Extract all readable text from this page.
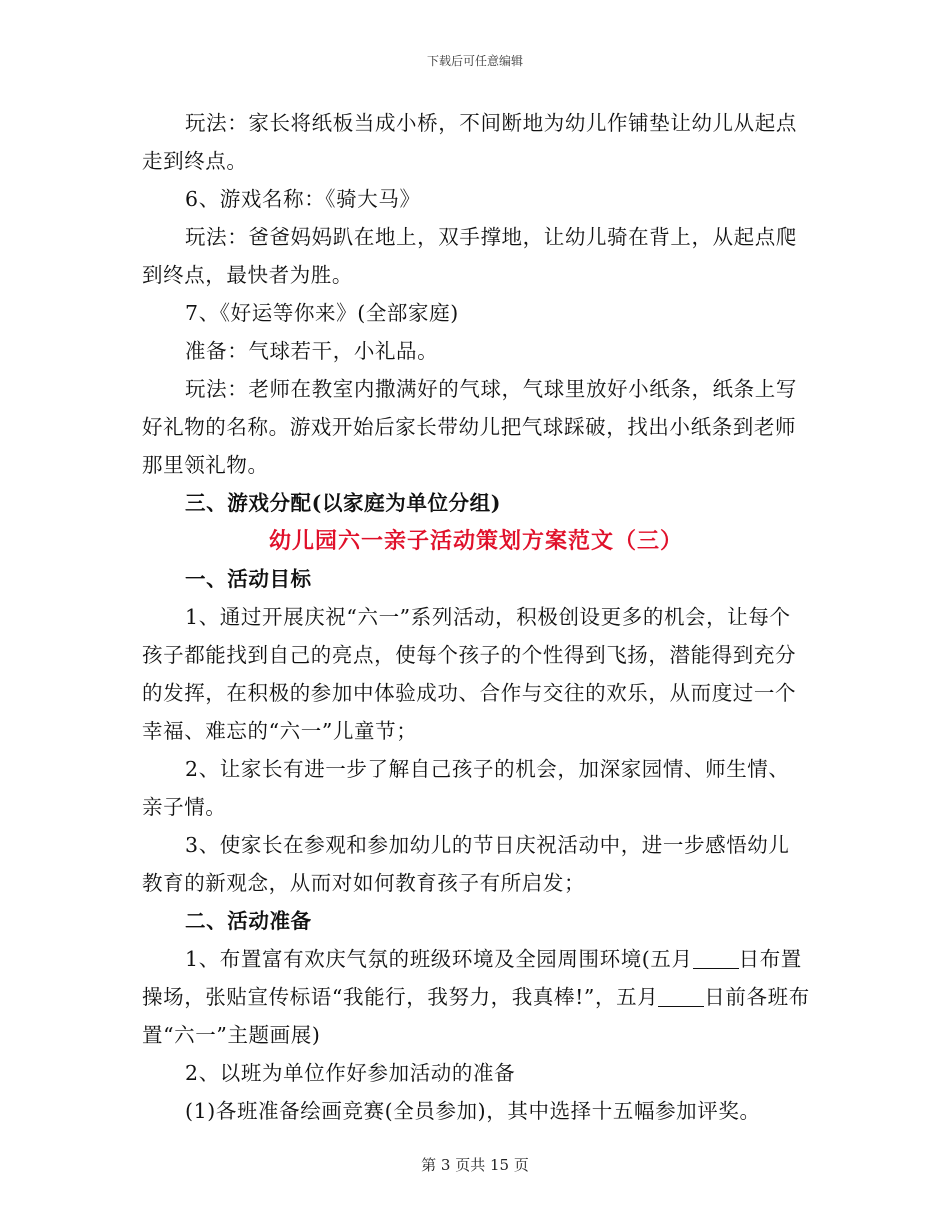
下载后可任意编辑

玩法：家长将纸板当成小桥，不间断地为幼儿作铺垫让幼儿从起点走到终点。

6、游戏名称：《骑大马》

玩法：爸爸妈妈趴在地上，双手撑地，让幼儿骑在背上，从起点爬到终点，最快者为胜。

7、《好运等你来》(全部家庭)

准备：气球若干，小礼品。

玩法：老师在教室内撒满好的气球，气球里放好小纸条，纸条上写好礼物的名称。游戏开始后家长带幼儿把气球踩破，找出小纸条到老师那里领礼物。

三、游戏分配(以家庭为单位分组)

幼儿园六一亲子活动策划方案范文（三）

一、活动目标

1、通过开展庆祝“六一”系列活动，积极创设更多的机会，让每个孩子都能找到自己的亮点，使每个孩子的个性得到飞扬，潜能得到充分的发挥，在积极的参加中体验成功、合作与交往的欢乐，从而度过一个幸福、难忘的“六一”儿童节；

2、让家长有进一步了解自己孩子的机会，加深家园情、师生情、亲子情。

3、使家长在参观和参加幼儿的节日庆祝活动中，进一步感悟幼儿教育的新观念，从而对如何教育孩子有所启发；

二、活动准备

1、布置富有欢庆气氛的班级环境及全园周围环境(五月 日布置操场，张贴宣传标语“我能行，我努力，我真棒!”，五月 日前各班布置“六一”主题画展)

2、以班为单位作好参加活动的准备

(1)各班准备绘画竞赛(全员参加)，其中选择十五幅参加评奖。

第 3 页共 15 页
